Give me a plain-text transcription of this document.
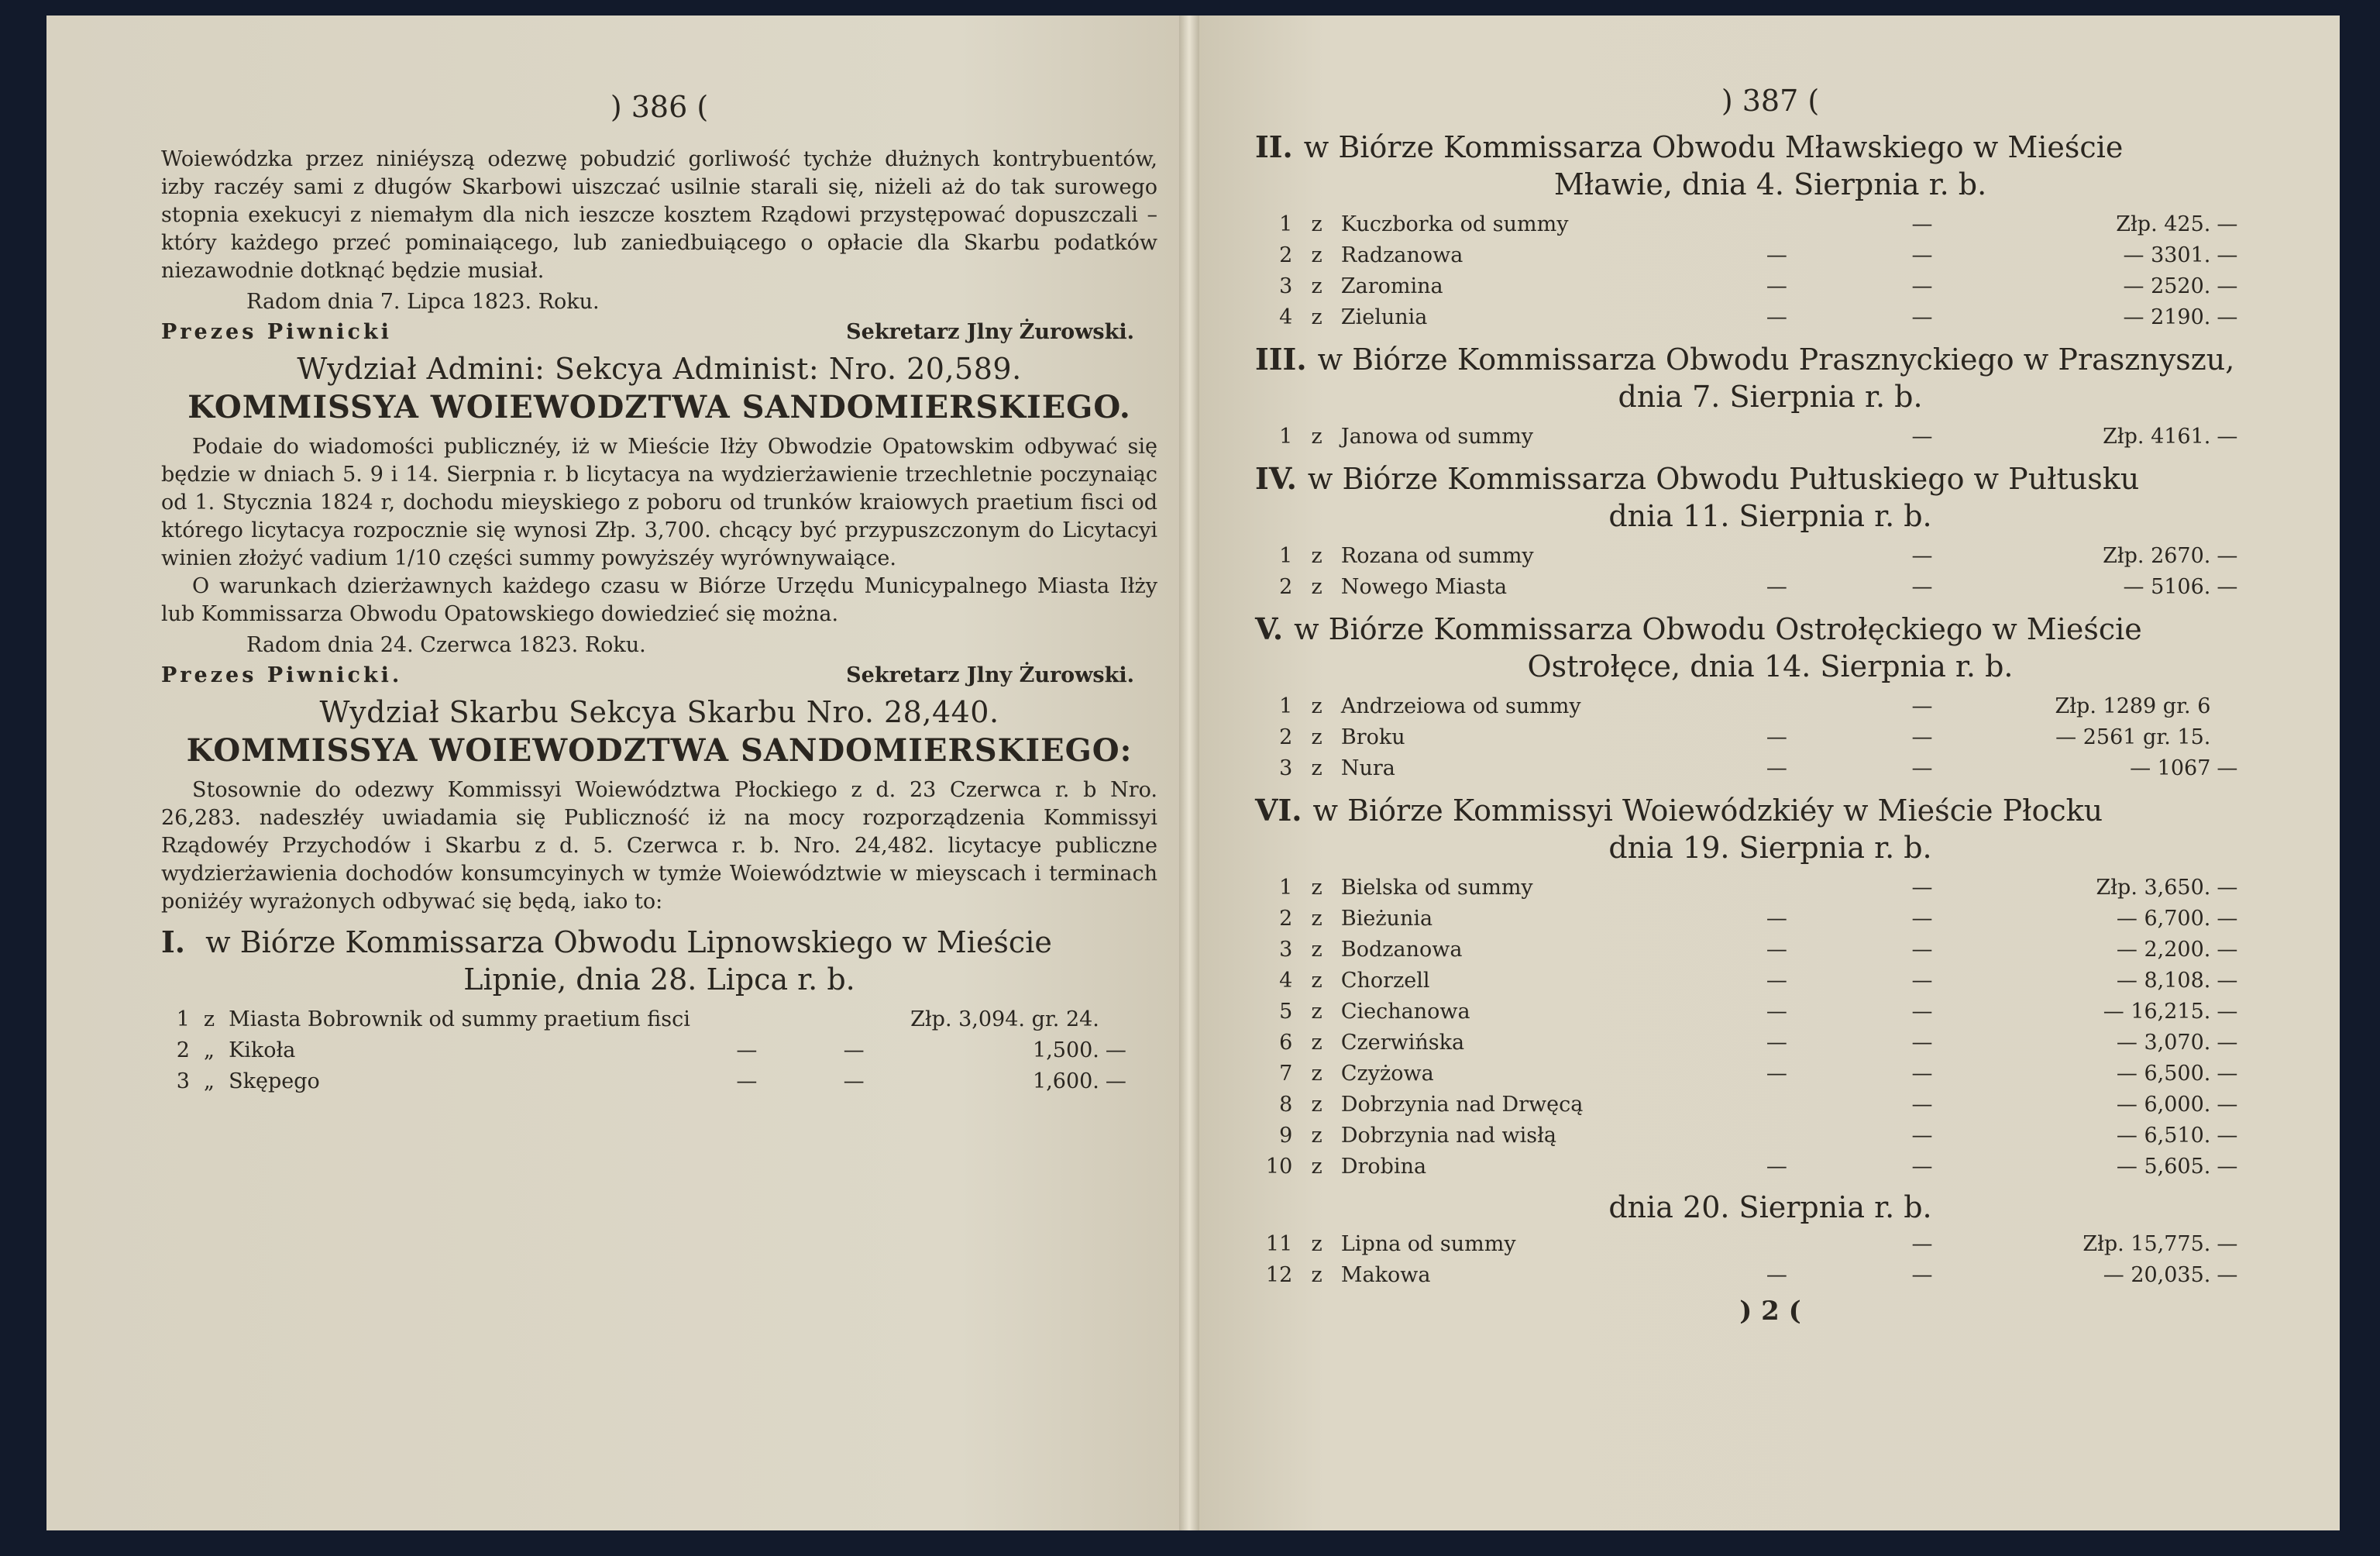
) 386 (

Woiewódzka przez niniéyszą odezwę pobudzić gorliwość tychże dłużnych kontrybuentów, izby raczéy sami z długów Skarbowi uiszczać usilnie starali się, niżeli aż do tak surowego stopnia exekucyi z niemałym dla nich ieszcze kosztem Rządowi przystępować dopuszczali – który każdego przeć pominaiącego, lub zaniedbuiącego o opłacie dla Skarbu podatków niezawodnie dotknąć będzie musiał.

Radom dnia 7. Lipca 1823. Roku.
Prezes Piwnicki	Sekretarz Jlny Żurowski.
Wydział Admini: Sekcya Administ: Nro. 20,589.
KOMMISSYA WOIEWODZTWA SANDOMIERSKIEGO.

Podaie do wiadomości publicznéy, iż w Mieście Iłży Obwodzie Opatowskim odbywać się będzie w dniach 5. 9 i 14. Sierpnia r. b licytacya na wydzierżawienie trzechletnie poczynaiąc od 1. Stycznia 1824 r, dochodu mieyskiego z poboru od trunków kraiowych praetium fisci od którego licytacya rozpocznie się wynosi Złp. 3,700. chcący być przypuszczonym do Licytacyi winien złożyć vadium 1/10 części summy powyższéy wyrównywaiące.

O warunkach dzierżawnych każdego czasu w Biórze Urzędu Municypalnego Miasta Iłży lub Kommissarza Obwodu Opatowskiego dowiedzieć się można.

Radom dnia 24. Czerwca 1823. Roku.
Prezes Piwnicki.	Sekretarz Jlny Żurowski.
Wydział Skarbu Sekcya Skarbu Nro. 28,440.
KOMMISSYA WOIEWODZTWA SANDOMIERSKIEGO:

Stosownie do odezwy Kommissyi Woiewództwa Płockiego z d. 23 Czerwca r. b Nro. 26,283. nadeszłéy uwiadamia się Publiczność iż na mocy rozporządzenia Kommissyi Rządowéy Przychodów i Skarbu z d. 5. Czerwca r. b. Nro. 24,482. licytacye publiczne wydzierżawienia dochodów konsumcyinych w tymże Woiewództwie w mieyscach i terminach poniżéy wyrażonych odbywać się będą, iako to:

I. w Biórze Kommissarza Obwodu Lipnowskiego w Mieście
Lipnie, dnia 28. Lipca r. b.
1	z	Miasta Bobrownik od summy praetium fisci			Złp. 3,094. gr. 24.	
2	„	Kikoła	—	—	1,500.	—
3	„	Skępego	—	—	1,600.	—
) 387 (
II. w Biórze Kommissarza Obwodu Mławskiego w Mieście
Mławie, dnia 4. Sierpnia r. b.
1	z	Kuczborka od summy		—	Złp. 425.	—
2	z	Radzanowa	—	—	— 3301.	—
3	z	Zaromina	—	—	— 2520.	—
4	z	Zielunia	—	—	— 2190.	—
III. w Biórze Kommissarza Obwodu Prasznyckiego w Prasznyszu,
dnia 7. Sierpnia r. b.
1	z	Janowa od summy		—	Złp. 4161.	—
IV. w Biórze Kommissarza Obwodu Pułtuskiego w Pułtusku
dnia 11. Sierpnia r. b.
1	z	Rozana od summy		—	Złp. 2670.	—
2	z	Nowego Miasta	—	—	— 5106.	—
V. w Biórze Kommissarza Obwodu Ostrołęckiego w Mieście
Ostrołęce, dnia 14. Sierpnia r. b.
1	z	Andrzeiowa od summy		—	Złp. 1289 gr. 6	
2	z	Broku	—	—	— 2561 gr. 15.	
3	z	Nura	—	—	— 1067	—
VI. w Biórze Kommissyi Woiewódzkiéy w Mieście Płocku
dnia 19. Sierpnia r. b.
1	z	Bielska od summy		—	Złp. 3,650.	—
2	z	Bieżunia	—	—	— 6,700.	—
3	z	Bodzanowa	—	—	— 2,200.	—
4	z	Chorzell	—	—	— 8,108.	—
5	z	Ciechanowa	—	—	— 16,215.	—
6	z	Czerwińska	—	—	— 3,070.	—
7	z	Czyżowa	—	—	— 6,500.	—
8	z	Dobrzynia nad Drwęcą		—	— 6,000.	—
9	z	Dobrzynia nad wisłą		—	— 6,510.	—
10	z	Drobina	—	—	— 5,605.	—
dnia 20. Sierpnia r. b.
11	z	Lipna od summy		—	Złp. 15,775.	—
12	z	Makowa	—	—	— 20,035.	—
) 2 (
